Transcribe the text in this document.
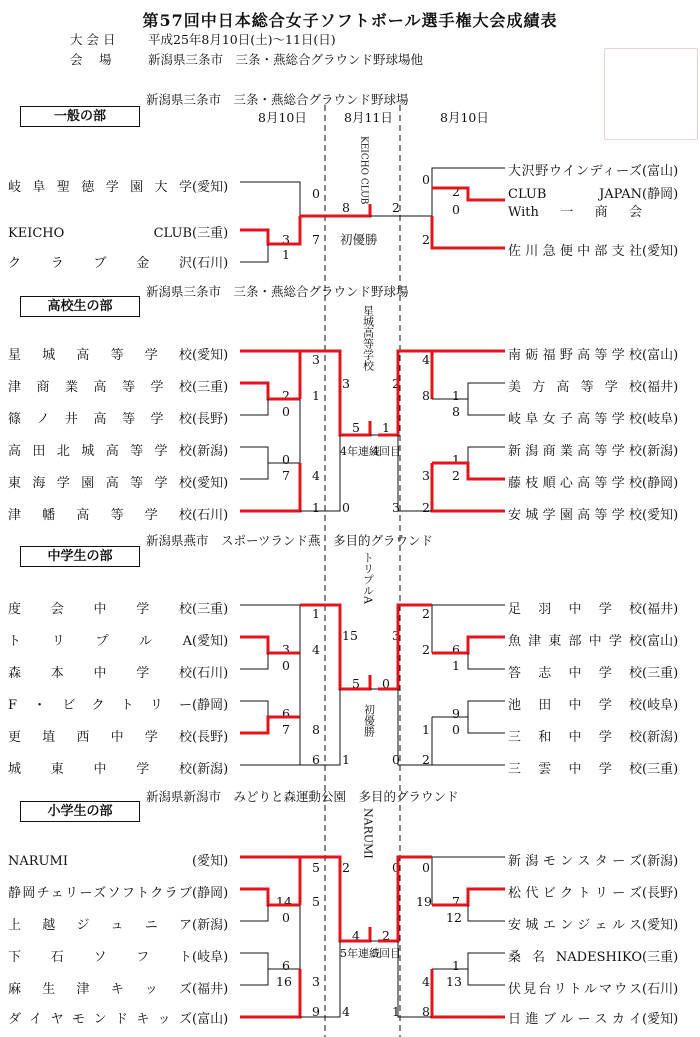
第57回中日本総合女子ソフトボール選手権大会成績表
大 会 日	平成25年8月10日(土)～11日(日)
会　 場	新潟県三条市　三条・燕総合グラウンド野球場他
新潟県三条市　三条・燕総合グラウンド野球場
一般の部	8月10日	8月11日	8月10日
岐阜聖徳学園大学(愛知)
KEICHO CLUB(三重)
クラブ金沢(石川)
大沢野ウインディーズ(富山)
CLUB JAPAN(静岡)
With一商会
佐川急便中部支社(愛知)
3
1
0
7
8	2
0
2
2
0
KEICHO CLUB
初優勝
新潟県三条市　三条・燕総合グラウンド野球場
高校生の部
星城高等学校(愛知)
津商業高等学校(三重)
篠ノ井高等学校(長野)
高田北城高等学校(新潟)
東海学園高等学校(愛知)
津幡高等学校(石川)
南砺福野高等学校(富山)
美方高等学校(福井)
岐阜女子高等学校(岐阜)
新潟商業高等学校(新潟)
藤枝順心高等学校(静岡)
安城学園高等学校(愛知)
3
2
0
1
0
7 4
1
3
0
5 1
4
8 1
8
2
1
2
3
2
3
星城高等学校
4年連続
4回目
新潟県燕市　スポーツランド燕　多目的グラウンド
中学生の部
度会中学校(三重)
トリプルA(愛知)
森本中学校(石川)
F・ビクトリー(静岡)
更埴西中学校(長野)
城東中学校(新潟)
足羽中学校(福井)
魚津東部中学校(富山)
答志中学校(三重)
池田中学校(岐阜)
三和中学校(新潟)
三雲中学校(三重)
1
3
0
4
15
6
7 8
6 1
5 0
3
2
2 6
1
9
0
1
0 2
トリプルA
初優勝
新潟県新潟市　みどりと森運動公園　多目的グラウンド
小学生の部
NARUMI	(愛知)
静岡チェリーズソフトクラブ(静岡)
上越ジュニア(新潟)
下石ソフト(岐阜)
麻生津キッズ(福井)
ダイヤモンドキッズ(富山)
新潟モンスターズ(新潟)
松代ビクトリーズ(長野)
安城エンジェルス(愛知)
桑名NADESHIKO(三重)
伏見台リトルマウス(石川)
日進ブルースカイ(愛知)
5
14
0
5
2
6
16 3
9 4
4 2
0 0
19 7
12
1
1
13
4
8
NARUMI
5年連続
5回目
